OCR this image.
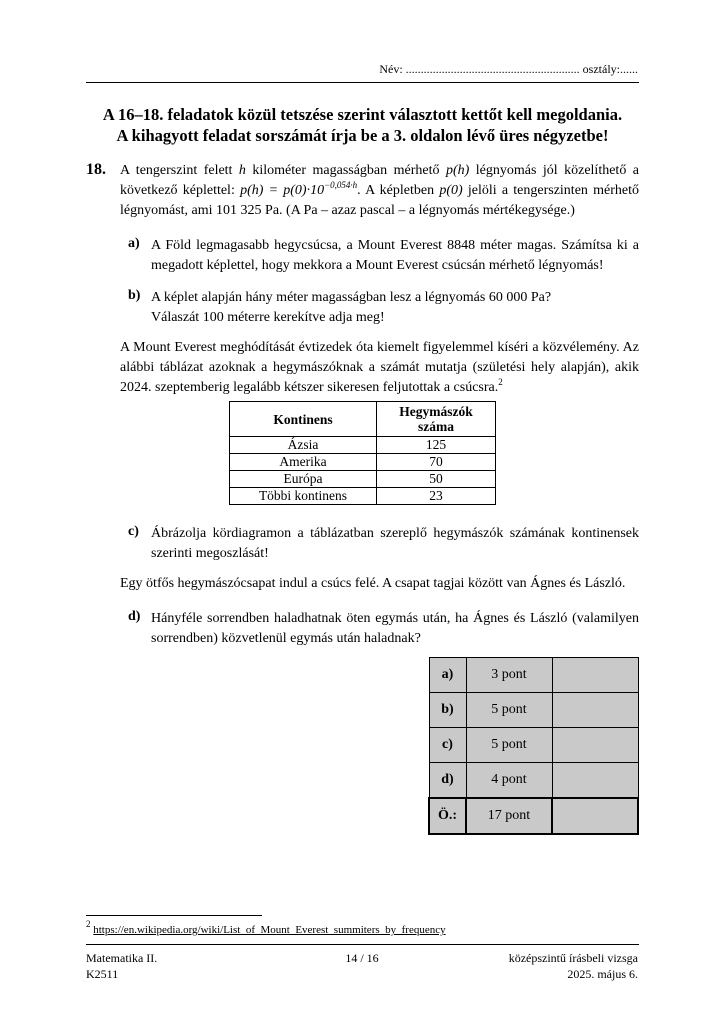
Név: .......................................................... osztály:......
A 16–18. feladatok közül tetszése szerint választott kettőt kell megoldania.
A kihagyott feladat sorszámát írja be a 3. oldalon lévő üres négyzetbe!
18. A tengerszint felett h kilométer magasságban mérhető p(h) légnyomás jól közelíthető a következő képlettel: $p(h) = p(0)\cdot 10^{-0,054\cdot h}$. A képletben p(0) jelöli a tengerszinten mérhető légnyomást, ami 101 325 Pa. (A Pa – azaz pascal – a légnyomás mértékegysége.)
a) A Föld legmagasabb hegycsúcsa, a Mount Everest 8848 méter magas. Számítsa ki a megadott képlettel, hogy mekkora a Mount Everest csúcsán mérhető légnyomás!
b) A képlet alapján hány méter magasságban lesz a légnyomás 60 000 Pa?
Válaszát 100 méterre kerekítve adja meg!
A Mount Everest meghódítását évtizedek óta kiemelt figyelemmel kíséri a közvélemény. Az alábbi táblázat azoknak a hegymászóknak a számát mutatja (születési hely alapján), akik 2024. szeptemberig legalább kétszer sikeresen feljutottak a csúcsra.$^2$
Kontinens	Hegymászók száma

Ázsia	125
Amerika	70
Európa	50
Többi kontinens	23
c) Ábrázolja kördiagramon a táblázatban szereplő hegymászók számának kontinensek szerinti megoszlását!
Egy ötfős hegymászócsapat indul a csúcs felé. A csapat tagjai között van Ágnes és László.
d) Hányféle sorrendben haladhatnak öten egymás után, ha Ágnes és László (valamilyen sorrendben) közvetlenül egymás után haladnak?
a)	3 pont	
b)	5 pont	
c)	5 pont	
d)	4 pont	
Ö.:	17 pont	
$^2$ https://en.wikipedia.org/wiki/List_of_Mount_Everest_summiters_by_frequency
Matematika II.
K2511
14 / 16	középszintű írásbeli vizsga
2025. május 6.
